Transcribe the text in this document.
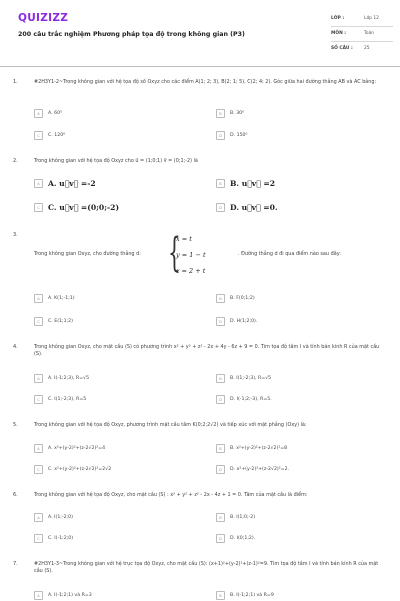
QUIZIZZ
200 câu trắc nghiệm Phương pháp tọa độ trong không gian (P3)
LỚP :	Lớp 12
MÔN :	Toán
SỐ CÂU :	25
1.	#2H3Y1-2~Trong không gian với hệ tọa độ số Oxyz cho các điểm A(1; 2; 3), B(2; 1; 5), C(2; 4; 2). Góc giữa hai đường thẳng AB và AC bằng:
A	A. 60⁰	B	B. 30⁰
C	C. 120⁰	D	D. 150⁰
2.	Trong không gian với hệ tọa độ Oxyz cho u⃗ = (1;0;1) v⃗ = (0;1;-2) là
A	A. u⃗v⃗ =-2	B	B. u⃗v⃗ =2
C	C. u⃗v⃗ =(0;0;-2)	D	D. u⃗v⃗ =0.
3.
Trong không gian Oxyz, cho đường thẳng d: {
x = t
y = 1 − t
z = 2 + t
. Đường thẳng d đi qua điểm nào sau đây:
A	A. K(1;-1;1)	B	B. F(0;1;2)
C	C. E(1;1;2)	D	D. H(1;2;0).
4.	Trong không gian Oxyz, cho mặt cầu (S) có phương trình x² + y² + z² - 2x + 4y - 6z + 9 = 0. Tìm tọa độ tâm I và tính bán kính R của mặt cầu (S).
A	A. I(-1;2;3), R=√5	B	B. I(1;-2;3), R=√5
C	C. I(1;-2;3), R=5	D	D. I(-1;2;-3), R=5.
5.	Trong không gian với hệ tọa độ Oxyz, phương trình mặt cầu tâm K(0;2;2√2) và tiếp xúc với mặt phẳng (Oxy) là:
A	A. x²+(y-2)²+(z-2√2)²=4	B	B. x²+(y-2)²+(z-2√2)²=8
C	C. x²+(y-2)²+(z-2√2)²=2√2	D	D. x²+(y-2)²+(z-2√2)²=2.
6.	Trong không gian với hệ tọa độ Oxyz, cho mặt cầu (S) : x² + y² + z² - 2x - 4z + 1 = 0. Tâm của mặt cầu là điểm:
A	A. I(1;-2;0)	B	B. I(1;0;-2)
C	C. I(-1;2;0)	D	D. I(0;1;2).
7.	#2H3Y1-3~Trong không gian với hệ trục tọa độ Oxyz, cho mặt cầu (S): (x+1)²+(y-2)²+(z-1)²=9. Tìm tọa độ tâm I và tính bán kính R của mặt cầu (S).
A	A. I(-1;2;1) và R=3	B	B. I(-1;2;1) và R=9
